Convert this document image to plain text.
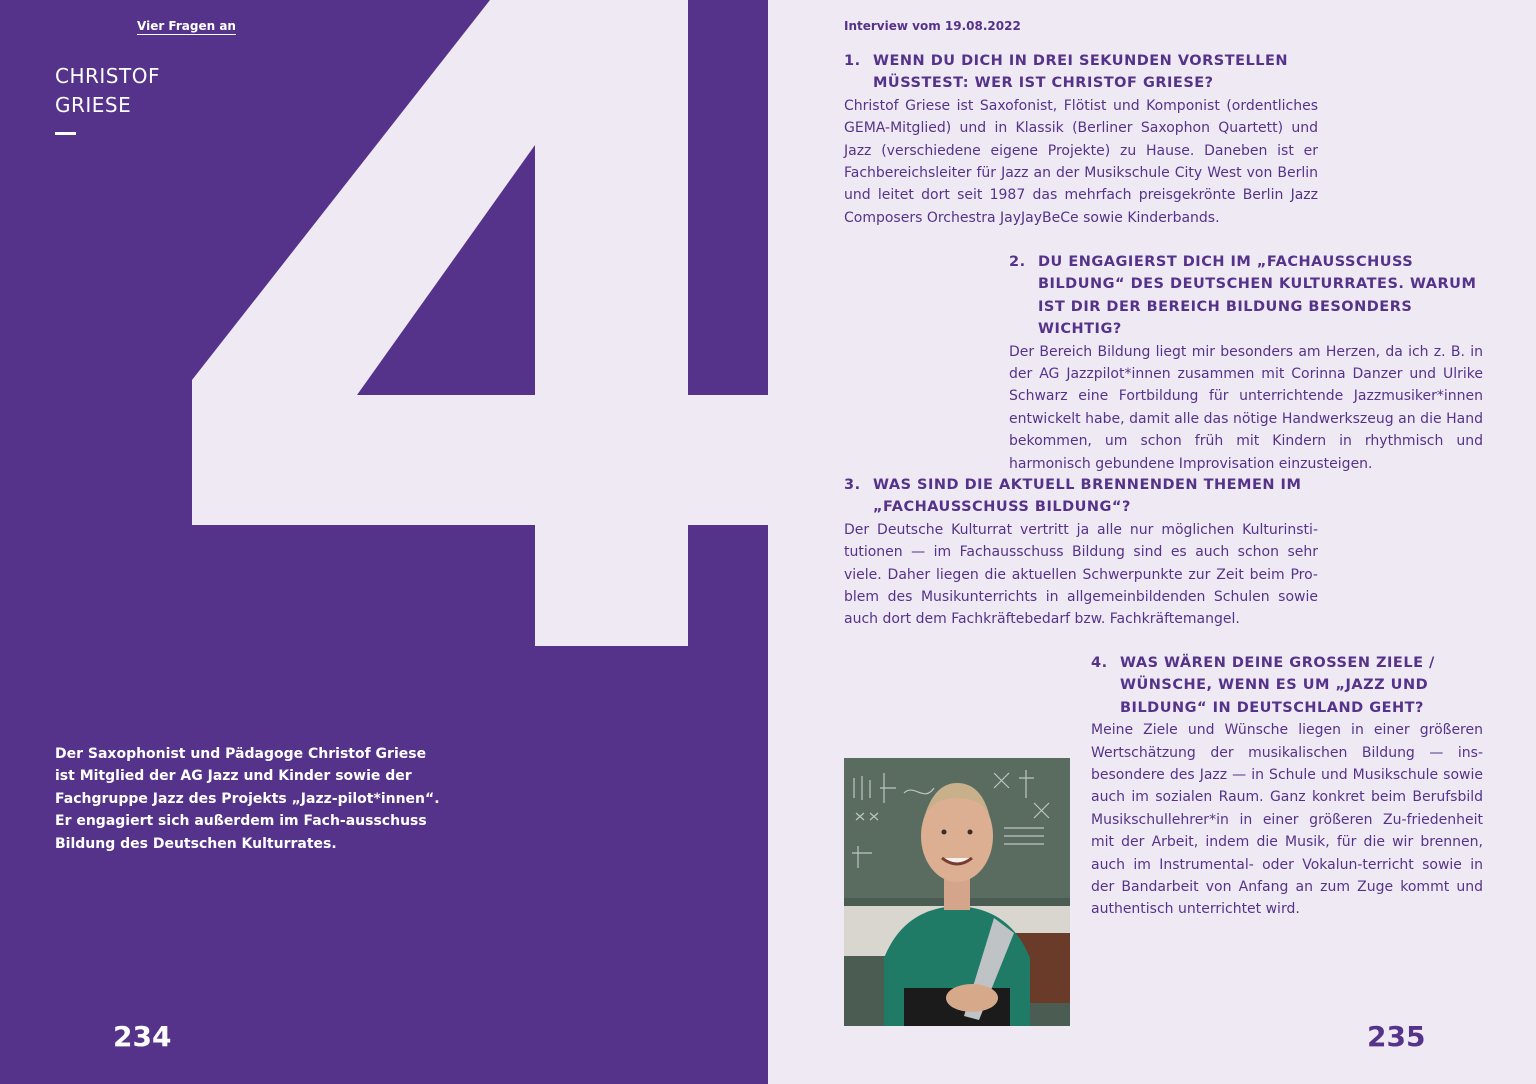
Vier Fragen an
CHRISTOF
GRIESE
Der Saxophonist und Pädagoge Christof Griese ist Mitglied der AG Jazz und Kinder sowie der Fachgruppe Jazz des Projekts „Jazz-pilot*innen“. Er engagiert sich außerdem im Fach-ausschuss Bildung des Deutschen Kulturrates.
234
Interview vom 19.08.2022
1. WENN DU DICH IN DREI SEKUNDEN VORSTELLEN MÜSSTEST: WER IST CHRISTOF GRIESE?

Christof Griese ist Saxofonist, Flötist und Komponist (ordentliches GEMA-Mitglied) und in Klassik (Berliner Saxophon Quartett) und Jazz (verschiedene eigene Projekte) zu Hause. Daneben ist er Fachbereichsleiter für Jazz an der Musikschule City West von Berlin und leitet dort seit 1987 das mehrfach preisgekrönte Berlin Jazz Composers Orchestra JayJayBeCe sowie Kinderbands.

2. DU ENGAGIERST DICH IM „FACHAUSSCHUSS BILDUNG“ DES DEUTSCHEN KULTURRATES. WARUM IST DIR DER BEREICH BILDUNG BESONDERS WICHTIG?

Der Bereich Bildung liegt mir besonders am Herzen, da ich z. B. in der AG Jazzpilot*innen zusammen mit Corinna Danzer und Ulrike Schwarz eine Fortbildung für unterrichtende Jazzmusiker*innen entwickelt habe, damit alle das nötige Handwerkszeug an die Hand bekommen, um schon früh mit Kindern in rhythmisch und harmonisch gebundene Improvisation einzusteigen.

3. WAS SIND DIE AKTUELL BRENNENDEN THEMEN IM „FACHAUSSCHUSS BILDUNG“?

Der Deutsche Kulturrat vertritt ja alle nur möglichen Kulturinsti-tutionen — im Fachausschuss Bildung sind es auch schon sehr viele. Daher liegen die aktuellen Schwerpunkte zur Zeit beim Pro-blem des Musikunterrichts in allgemeinbildenden Schulen sowie auch dort dem Fachkräftebedarf bzw. Fachkräftemangel.

4. WAS WÄREN DEINE GROSSEN ZIELE / WÜNSCHE, WENN ES UM „JAZZ UND BILDUNG“ IN DEUTSCHLAND GEHT?

Meine Ziele und Wünsche liegen in einer größeren Wertschätzung der musikalischen Bildung — ins-besondere des Jazz — in Schule und Musikschule sowie auch im sozialen Raum. Ganz konkret beim Berufsbild Musikschullehrer*in in einer größeren Zu-friedenheit mit der Arbeit, indem die Musik, für die wir brennen, auch im Instrumental- oder Vokalun-terricht sowie in der Bandarbeit von Anfang an zum Zuge kommt und authentisch unterrichtet wird.

235
